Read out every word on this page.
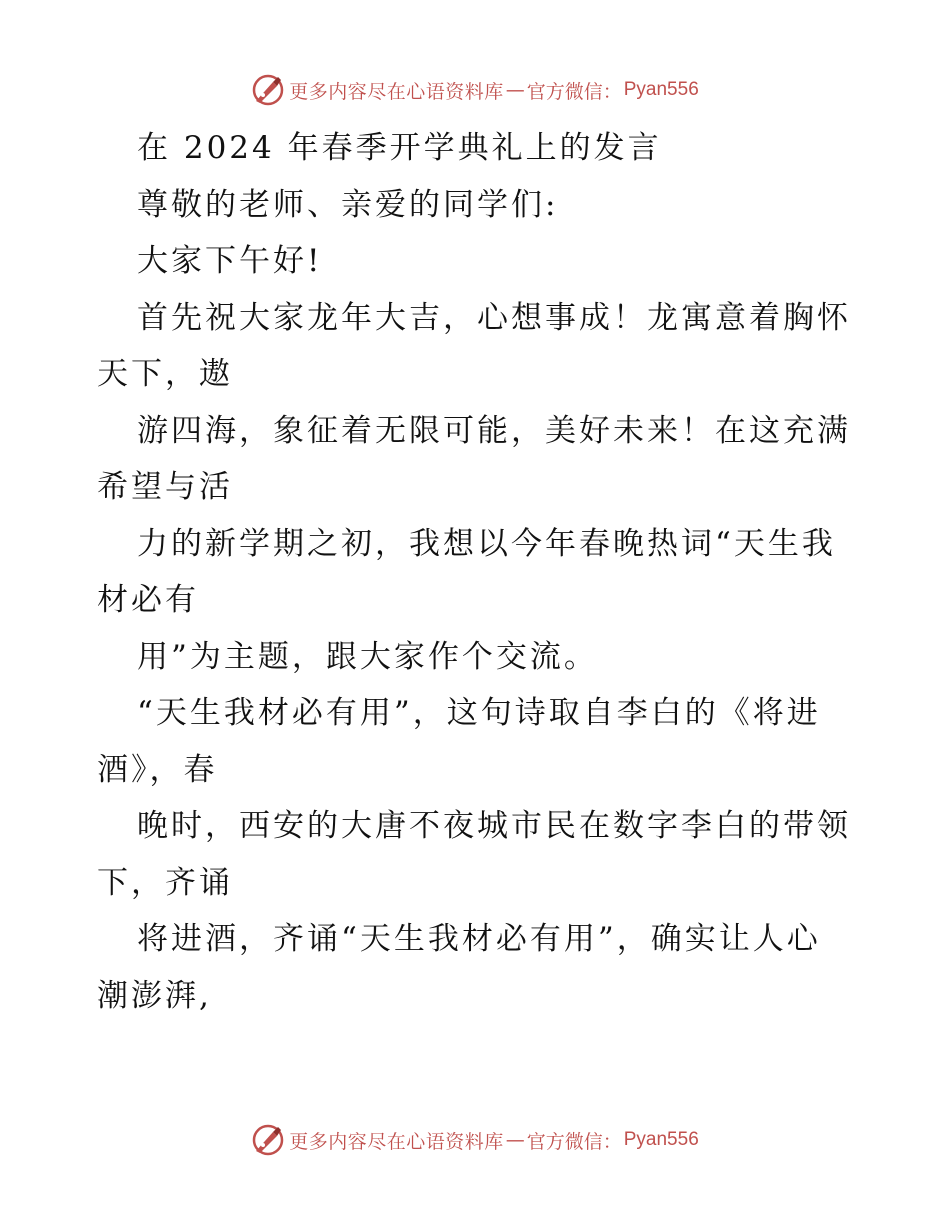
更多内容尽在心语资料库 — 官方微信： Pyan556
在 2024 年春季开学典礼上的发言
尊敬的老师、亲爱的同学们:
大家下午好!
首先祝大家龙年大吉，心想事成！龙寓意着胸怀
天下，遨
游四海，象征着无限可能，美好未来！在这充满
希望与活
力的新学期之初，我想以今年春晚热词“天生我
材必有
用”为主题，跟大家作个交流。
“天生我材必有用”，这句诗取自李白的《将进
酒》，春
晚时，西安的大唐不夜城市民在数字李白的带领
下，齐诵
将进酒，齐诵“天生我材必有用”，确实让人心
潮澎湃,
更多内容尽在心语资料库 — 官方微信： Pyan556
